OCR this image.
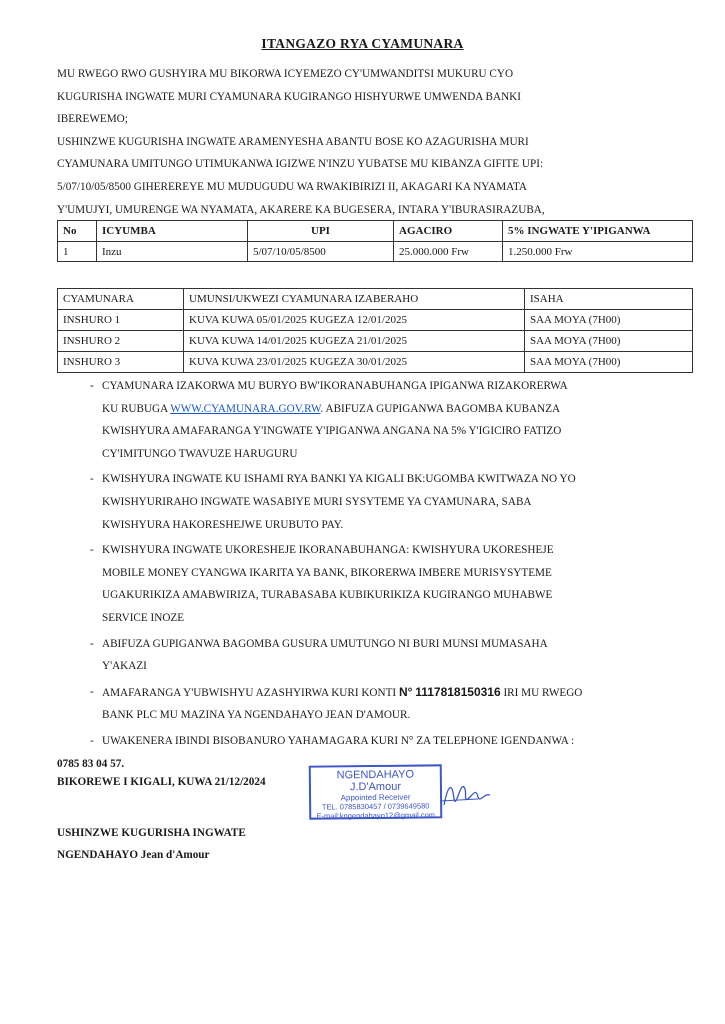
ITANGAZO RYA CYAMUNARA
MU RWEGO RWO GUSHYIRA MU BIKORWA ICYEMEZO CY'UMWANDITSI MUKURU CYO
KUGURISHA INGWATE MURI CYAMUNARA KUGIRANGO HISHYURWE UMWENDA BANKI
IBEREWEMO;
USHINZWE KUGURISHA INGWATE ARAMENYESHA ABANTU BOSE KO AZAGURISHA MURI
CYAMUNARA UMITUNGO UTIMUKANWA IGIZWE N'INZU YUBATSE MU KIBANZA GIFITE UPI:
5/07/10/05/8500 GIHEREREYE MU MUDUGUDU WA RWAKIBIRIZI II, AKAGARI KA NYAMATA
Y'UMUJYI, UMURENGE WA NYAMATA, AKARERE KA BUGESERA, INTARA Y'IBURASIRAZUBA,
No	ICYUMBA	UPI	AGACIRO	5% INGWATE Y'IPIGANWA
1	Inzu	5/07/10/05/8500	25.000.000 Frw	1.250.000 Frw
CYAMUNARA	UMUNSI/UKWEZI CYAMUNARA IZABERAHO	ISAHA
INSHURO 1	KUVA KUWA 05/01/2025 KUGEZA 12/01/2025	SAA MOYA (7H00)
INSHURO 2	KUVA KUWA 14/01/2025 KUGEZA 21/01/2025	SAA MOYA (7H00)
INSHURO 3	KUVA KUWA 23/01/2025 KUGEZA 30/01/2025	SAA MOYA (7H00)
- CYAMUNARA IZAKORWA MU BURYO BW'IKORANABUHANGA IPIGANWA RIZAKORERWA
KU RUBUGA WWW.CYAMUNARA.GOV.RW. ABIFUZA GUPIGANWA BAGOMBA KUBANZA
KWISHYURA AMAFARANGA Y'INGWATE Y'IPIGANWA ANGANA NA 5% Y'IGICIRO FATIZO
CY'IMITUNGO TWAVUZE HARUGURU
- KWISHYURA INGWATE KU ISHAMI RYA BANKI YA KIGALI BK:UGOMBA KWITWAZA NO YO
KWISHYURIRAHO INGWATE WASABIYE MURI SYSYTEME YA CYAMUNARA, SABA
KWISHYURA HAKORESHEJWE URUBUTO PAY.
- KWISHYURA INGWATE UKORESHEJE IKORANABUHANGA: KWISHYURA UKORESHEJE
MOBILE MONEY CYANGWA IKARITA YA BANK, BIKORERWA IMBERE MURISYSYTEME
UGAKURIKIZA AMABWIRIZA, TURABASABA KUBIKURIKIZA KUGIRANGO MUHABWE
SERVICE INOZE
- ABIFUZA GUPIGANWA BAGOMBA GUSURA UMUTUNGO NI BURI MUNSI MUMASAHA
Y'AKAZI
- AMAFARANGA Y'UBWISHYU AZASHYIRWA KURI KONTI N° 1117818150316 IRI MU RWEGO
BANK PLC MU MAZINA YA NGENDAHAYO JEAN D'AMOUR.
- UWAKENERA IBINDI BISOBANURO YAHAMAGARA KURI N° ZA TELEPHONE IGENDANWA :
0785 83 04 57.
BIKOREWE I KIGALI, KUWA 21/12/2024
NGENDAHAYO J.D'Amour
Appointed Receiver
TEL. 0785830457 / 0739649580
E-mail:kngendahayo12@gmail.com
USHINZWE KUGURISHA INGWATE
NGENDAHAYO Jean d'Amour
